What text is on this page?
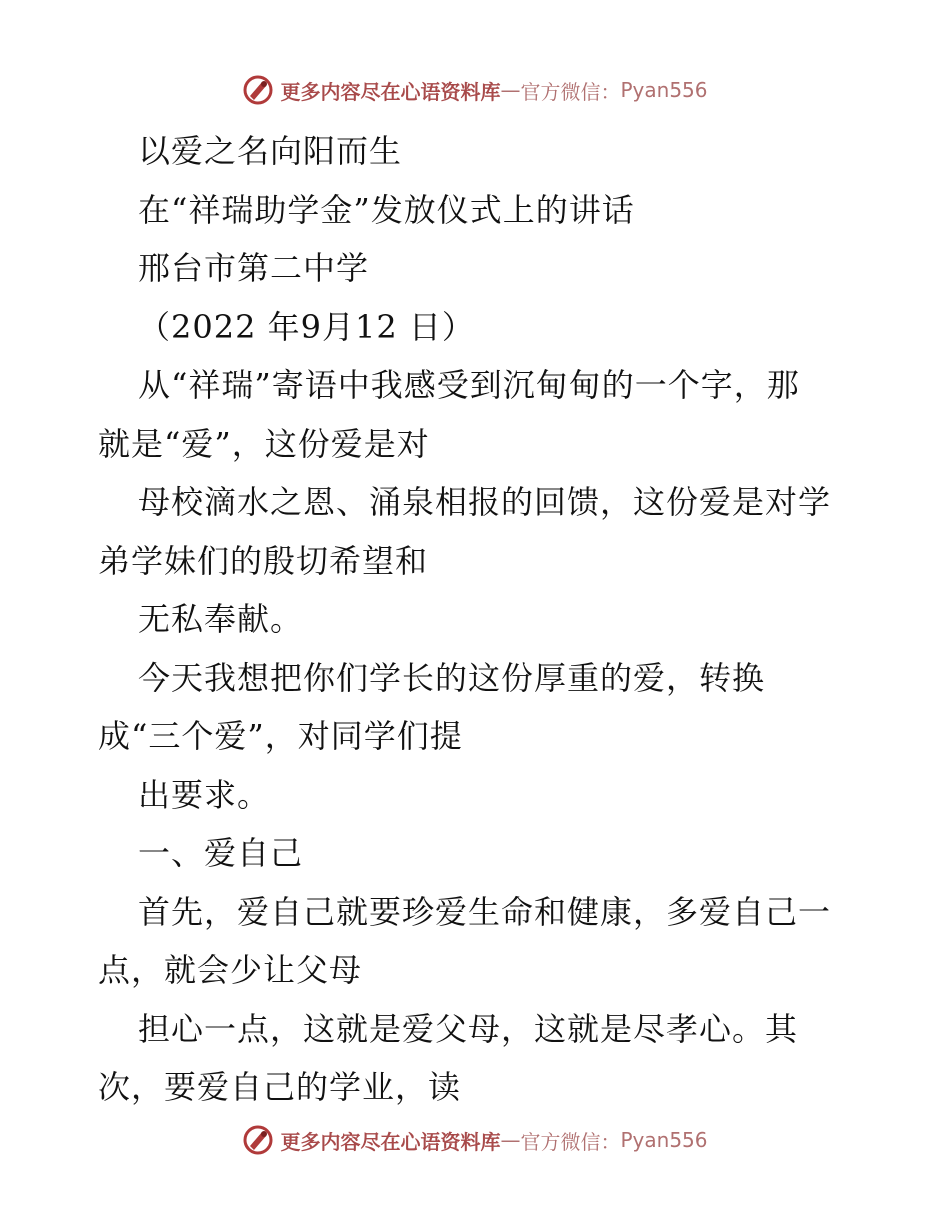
更多内容尽在心语资料库 — 官方微信： Pyan556
以爱之名向阳而生
在“祥瑞助学金”发放仪式上的讲话
邢台市第二中学
（2022 年9月12 日）
从“祥瑞”寄语中我感受到沉甸甸的一个字，那
就是“爱”，这份爱是对
母校滴水之恩、涌泉相报的回馈，这份爱是对学
弟学妹们的殷切希望和
无私奉献。
今天我想把你们学长的这份厚重的爱，转换
成“三个爱”，对同学们提
出要求。
一、爱自己
首先，爱自己就要珍爱生命和健康，多爱自己一
点，就会少让父母
担心一点，这就是爱父母，这就是尽孝心。其
次，要爱自己的学业，读
更多内容尽在心语资料库 — 官方微信： Pyan556
